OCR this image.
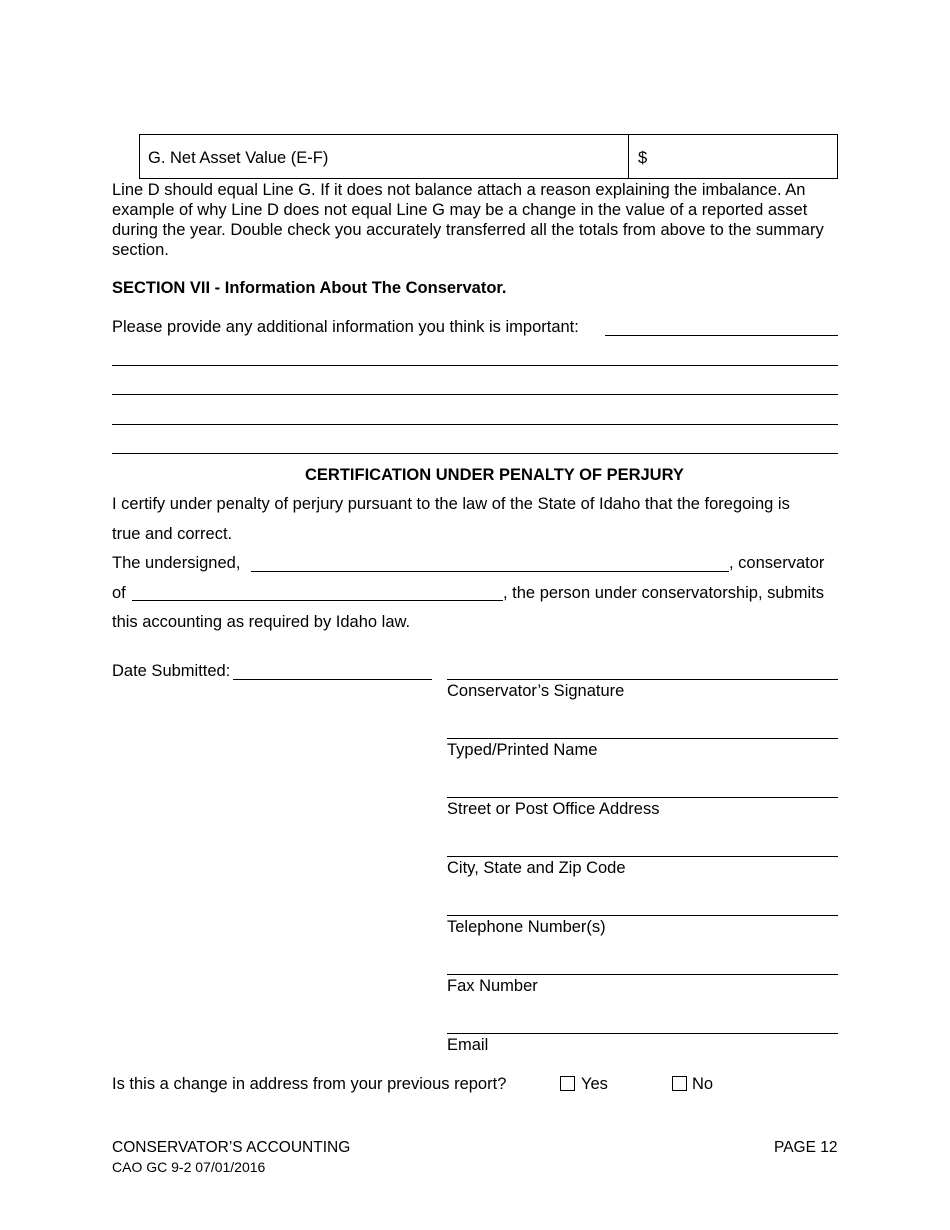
G. Net Asset Value (E-F)	$
Line D should equal Line G. If it does not balance attach a reason explaining the imbalance. An example of why Line D does not equal Line G may be a change in the value of a reported asset during the year. Double check you accurately transferred all the totals from above to the summary section.
SECTION VII - Information About The Conservator.
Please provide any additional information you think is important:
CERTIFICATION UNDER PENALTY OF PERJURY
I certify under penalty of perjury pursuant to the law of the State of Idaho that the foregoing is
true and correct.
The undersigned,	, conservator
of	, the person under conservatorship, submits
this accounting as required by Idaho law.
Date Submitted:
Conservator’s Signature
Typed/Printed Name
Street or Post Office Address
City, State and Zip Code
Telephone Number(s)
Fax Number
Email
Is this a change in address from your previous report?	Yes	No
CONSERVATOR’S ACCOUNTING
CAO GC 9-2 07/01/2016
PAGE 12
